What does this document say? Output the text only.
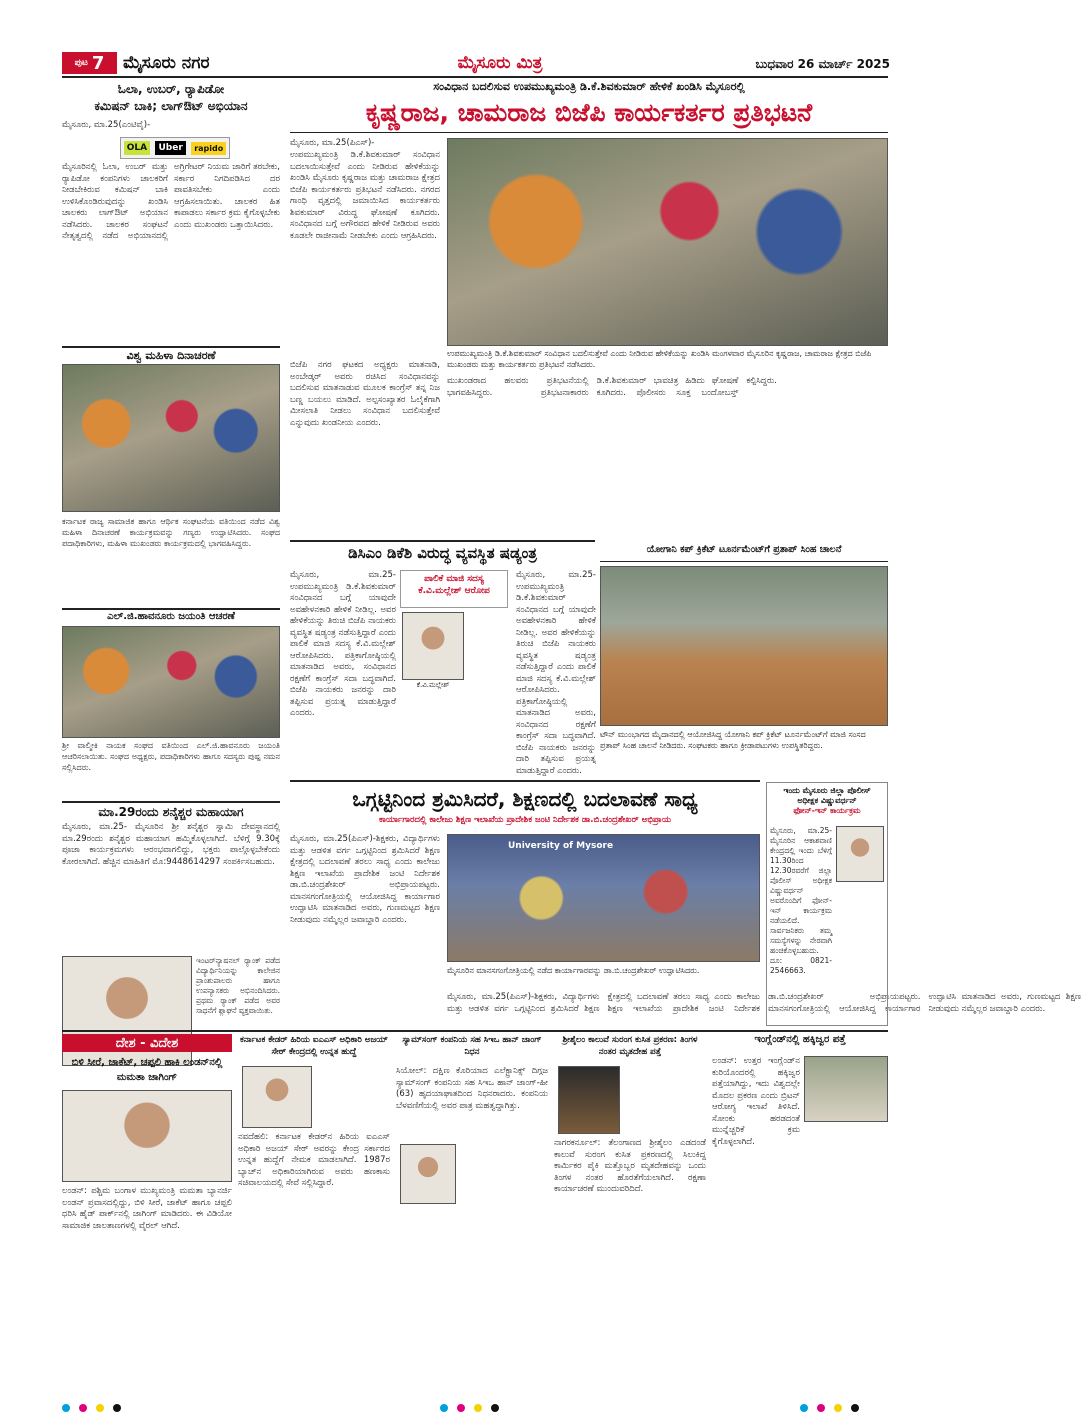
ಪುಟ 7 ಮೈಸೂರು ನಗರ	ಮೈಸೂರು ಮಿತ್ರ	ಬುಧವಾರ 26 ಮಾರ್ಚ್ 2025
ಓಲಾ, ಉಬರ್, ರ್‍ಯಾಪಿಡೋ
ಕಮಿಷನ್ ಬಾಕಿ; ಲಾಗ್‌ಔಟ್ ಅಭಿಯಾನ
ಮೈಸೂರು, ಮಾ.25(ಎಂಟಿವೈ)-
OLA	Uber	rapido
ಮೈಸೂರಿನಲ್ಲಿ ಓಲಾ, ಉಬರ್ ಮತ್ತು ರ್‍ಯಾಪಿಡೋ ಕಂಪನಿಗಳು ಚಾಲಕರಿಗೆ ನೀಡಬೇಕಿರುವ ಕಮಿಷನ್ ಬಾಕಿ ಉಳಿಸಿಕೊಂಡಿರುವುದನ್ನು ಖಂಡಿಸಿ ಚಾಲಕರು ಲಾಗ್‌ಔಟ್ ಅಭಿಯಾನ ನಡೆಸಿದರು. ಚಾಲಕರ ಸಂಘಟನೆ ನೇತೃತ್ವದಲ್ಲಿ ನಡೆದ ಅಭಿಯಾನದಲ್ಲಿ ಅಗ್ರಿಗೇಟರ್ ನಿಯಮ ಜಾರಿಗೆ ತರಬೇಕು, ಸರ್ಕಾರ ನಿಗದಿಪಡಿಸಿದ ದರ ಪಾವತಿಸಬೇಕು ಎಂದು ಆಗ್ರಹಿಸಲಾಯಿತು. ಚಾಲಕರ ಹಿತ ಕಾಪಾಡಲು ಸರ್ಕಾರ ಕ್ರಮ ಕೈಗೊಳ್ಳಬೇಕು ಎಂದು ಮುಖಂಡರು ಒತ್ತಾಯಿಸಿದರು.
ವಿಶ್ವ ಮಹಿಳಾ ದಿನಾಚರಣೆ
ಕರ್ನಾಟಕ ರಾಜ್ಯ ಸಾಮಾಜಿಕ ಹಾಗೂ ಆರ್ಥಿಕ ಸಂಘಟನೆಯ ವತಿಯಿಂದ ನಡೆದ ವಿಶ್ವ ಮಹಿಳಾ ದಿನಾಚರಣೆ ಕಾರ್ಯಕ್ರಮವನ್ನು ಗಣ್ಯರು ಉದ್ಘಾಟಿಸಿದರು. ಸಂಘದ ಪದಾಧಿಕಾರಿಗಳು, ಮಹಿಳಾ ಮುಖಂಡರು ಕಾರ್ಯಕ್ರಮದಲ್ಲಿ ಭಾಗವಹಿಸಿದ್ದರು.
ಎಲ್.ಜಿ.ಹಾವನೂರು ಜಯಂತಿ ಆಚರಣೆ
ಶ್ರೀ ವಾಲ್ಮೀಕಿ ನಾಯಕ ಸಂಘದ ವತಿಯಿಂದ ಎಲ್.ಜಿ.ಹಾವನೂರು ಜಯಂತಿ ಆಚರಿಸಲಾಯಿತು. ಸಂಘದ ಅಧ್ಯಕ್ಷರು, ಪದಾಧಿಕಾರಿಗಳು ಹಾಗೂ ಸದಸ್ಯರು ಪುಷ್ಪ ನಮನ ಸಲ್ಲಿಸಿದರು.
ಮಾ.29ರಂದು ಶನೈಶ್ಚರ ಮಹಾಯಾಗ
ಮೈಸೂರು, ಮಾ.25- ಮೈಸೂರಿನ ಶ್ರೀ ಶನೈಶ್ಚರ ಸ್ವಾಮಿ ದೇವಸ್ಥಾನದಲ್ಲಿ ಮಾ.29ರಂದು ಶನೈಶ್ಚರ ಮಹಾಯಾಗ ಹಮ್ಮಿಕೊಳ್ಳಲಾಗಿದೆ. ಬೆಳಿಗ್ಗೆ 9.30ಕ್ಕೆ ಪೂಜಾ ಕಾರ್ಯಕ್ರಮಗಳು ಆರಂಭವಾಗಲಿದ್ದು, ಭಕ್ತರು ಪಾಲ್ಗೊಳ್ಳಬೇಕೆಂದು ಕೋರಲಾಗಿದೆ. ಹೆಚ್ಚಿನ ಮಾಹಿತಿಗೆ ಮೊ:9448614297 ಸಂಪರ್ಕಿಸಬಹುದು.
ಇಂಟರ್‌ನ್ಯಾಷನಲ್ ರ್‍ಯಾಂಕ್ ಪಡೆದ ವಿದ್ಯಾರ್ಥಿನಿಯನ್ನು ಕಾಲೇಜಿನ ಪ್ರಾಂಶುಪಾಲರು ಹಾಗೂ ಉಪನ್ಯಾಸಕರು ಅಭಿನಂದಿಸಿದರು. ಪ್ರಥಮ ರ್‍ಯಾಂಕ್ ಪಡೆದ ಅವರ ಸಾಧನೆಗೆ ಶ್ಲಾಘನೆ ವ್ಯಕ್ತವಾಯಿತು.
ಸಂವಿಧಾನ ಬದಲಿಸುವ ಉಪಮುಖ್ಯಮಂತ್ರಿ ಡಿ.ಕೆ.ಶಿವಕುಮಾರ್ ಹೇಳಿಕೆ ಖಂಡಿಸಿ ಮೈಸೂರಲ್ಲಿ
ಕೃಷ್ಣರಾಜ, ಚಾಮರಾಜ ಬಿಜೆಪಿ ಕಾರ್ಯಕರ್ತರ ಪ್ರತಿಭಟನೆ
ಮೈಸೂರು, ಮಾ.25(ಪಿಎಸ್)-
ಉಪಮುಖ್ಯಮಂತ್ರಿ ಡಿ.ಕೆ.ಶಿವಕುಮಾರ್ ಸಂವಿಧಾನ ಬದಲಾಯಿಸುತ್ತೇವೆ ಎಂದು ನೀಡಿರುವ ಹೇಳಿಕೆಯನ್ನು ಖಂಡಿಸಿ ಮೈಸೂರು ಕೃಷ್ಣರಾಜ ಮತ್ತು ಚಾಮರಾಜ ಕ್ಷೇತ್ರದ ಬಿಜೆಪಿ ಕಾರ್ಯಕರ್ತರು ಪ್ರತಿಭಟನೆ ನಡೆಸಿದರು. ನಗರದ ಗಾಂಧಿ ವೃತ್ತದಲ್ಲಿ ಜಮಾಯಿಸಿದ ಕಾರ್ಯಕರ್ತರು ಶಿವಕುಮಾರ್ ವಿರುದ್ಧ ಘೋಷಣೆ ಕೂಗಿದರು. ಸಂವಿಧಾನದ ಬಗ್ಗೆ ಅಗೌರವದ ಹೇಳಿಕೆ ನೀಡಿರುವ ಅವರು ಕೂಡಲೇ ರಾಜೀನಾಮೆ ನೀಡಬೇಕು ಎಂದು ಆಗ್ರಹಿಸಿದರು.
ಉಪಮುಖ್ಯಮಂತ್ರಿ ಡಿ.ಕೆ.ಶಿವಕುಮಾರ್ ಸಂವಿಧಾನ ಬದಲಿಸುತ್ತೇವೆ ಎಂದು ನೀಡಿರುವ ಹೇಳಿಕೆಯನ್ನು ಖಂಡಿಸಿ ಮಂಗಳವಾರ ಮೈಸೂರಿನ ಕೃಷ್ಣರಾಜ, ಚಾಮರಾಜ ಕ್ಷೇತ್ರದ ಬಿಜೆಪಿ ಮುಖಂಡರು ಮತ್ತು ಕಾರ್ಯಕರ್ತರು ಪ್ರತಿಭಟನೆ ನಡೆಸಿದರು.
ಬಿಜೆಪಿ ನಗರ ಘಟಕದ ಅಧ್ಯಕ್ಷರು ಮಾತನಾಡಿ, ಅಂಬೇಡ್ಕರ್ ಅವರು ರಚಿಸಿದ ಸಂವಿಧಾನವನ್ನು ಬದಲಿಸುವ ಮಾತನಾಡುವ ಮೂಲಕ ಕಾಂಗ್ರೆಸ್ ತನ್ನ ನಿಜ ಬಣ್ಣ ಬಯಲು ಮಾಡಿದೆ. ಅಲ್ಪಸಂಖ್ಯಾತರ ಓಲೈಕೆಗಾಗಿ ಮೀಸಲಾತಿ ನೀಡಲು ಸಂವಿಧಾನ ಬದಲಿಸುತ್ತೇವೆ ಎನ್ನುವುದು ಖಂಡನೀಯ ಎಂದರು.
ಮುಖಂಡರಾದ ಹಲವರು ಪ್ರತಿಭಟನೆಯಲ್ಲಿ ಭಾಗವಹಿಸಿದ್ದರು. ಪ್ರತಿಭಟನಾಕಾರರು ಡಿ.ಕೆ.ಶಿವಕುಮಾರ್ ಭಾವಚಿತ್ರ ಹಿಡಿದು ಘೋಷಣೆ ಕೂಗಿದರು. ಪೊಲೀಸರು ಸೂಕ್ತ ಬಂದೋಬಸ್ತ್ ಕಲ್ಪಿಸಿದ್ದರು.
ಡಿಸಿಎಂ ಡಿಕೆಶಿ ವಿರುದ್ಧ ವ್ಯವಸ್ಥಿತ ಷಡ್ಯಂತ್ರ
ಪಾಲಿಕೆ ಮಾಜಿ ಸದಸ್ಯ
ಕೆ.ವಿ.ಮಲ್ಲೇಶ್ ಆರೋಪ
ಕೆ.ವಿ.ಮಲ್ಲೇಶ್
ಮೈಸೂರು, ಮಾ.25-ಉಪಮುಖ್ಯಮಂತ್ರಿ ಡಿ.ಕೆ.ಶಿವಕುಮಾರ್ ಸಂವಿಧಾನದ ಬಗ್ಗೆ ಯಾವುದೇ ಅವಹೇಳನಕಾರಿ ಹೇಳಿಕೆ ನೀಡಿಲ್ಲ. ಅವರ ಹೇಳಿಕೆಯನ್ನು ತಿರುಚಿ ಬಿಜೆಪಿ ನಾಯಕರು ವ್ಯವಸ್ಥಿತ ಷಡ್ಯಂತ್ರ ನಡೆಸುತ್ತಿದ್ದಾರೆ ಎಂದು ಪಾಲಿಕೆ ಮಾಜಿ ಸದಸ್ಯ ಕೆ.ವಿ.ಮಲ್ಲೇಶ್ ಆರೋಪಿಸಿದರು. ಪತ್ರಿಕಾಗೋಷ್ಠಿಯಲ್ಲಿ ಮಾತನಾಡಿದ ಅವರು, ಸಂವಿಧಾನದ ರಕ್ಷಣೆಗೆ ಕಾಂಗ್ರೆಸ್ ಸದಾ ಬದ್ಧವಾಗಿದೆ. ಬಿಜೆಪಿ ನಾಯಕರು ಜನರನ್ನು ದಾರಿ ತಪ್ಪಿಸುವ ಪ್ರಯತ್ನ ಮಾಡುತ್ತಿದ್ದಾರೆ ಎಂದರು.
ಮೈಸೂರು, ಮಾ.25-ಉಪಮುಖ್ಯಮಂತ್ರಿ ಡಿ.ಕೆ.ಶಿವಕುಮಾರ್ ಸಂವಿಧಾನದ ಬಗ್ಗೆ ಯಾವುದೇ ಅವಹೇಳನಕಾರಿ ಹೇಳಿಕೆ ನೀಡಿಲ್ಲ. ಅವರ ಹೇಳಿಕೆಯನ್ನು ತಿರುಚಿ ಬಿಜೆಪಿ ನಾಯಕರು ವ್ಯವಸ್ಥಿತ ಷಡ್ಯಂತ್ರ ನಡೆಸುತ್ತಿದ್ದಾರೆ ಎಂದು ಪಾಲಿಕೆ ಮಾಜಿ ಸದಸ್ಯ ಕೆ.ವಿ.ಮಲ್ಲೇಶ್ ಆರೋಪಿಸಿದರು. ಪತ್ರಿಕಾಗೋಷ್ಠಿಯಲ್ಲಿ ಮಾತನಾಡಿದ ಅವರು, ಸಂವಿಧಾನದ ರಕ್ಷಣೆಗೆ ಕಾಂಗ್ರೆಸ್ ಸದಾ ಬದ್ಧವಾಗಿದೆ. ಬಿಜೆಪಿ ನಾಯಕರು ಜನರನ್ನು ದಾರಿ ತಪ್ಪಿಸುವ ಪ್ರಯತ್ನ ಮಾಡುತ್ತಿದ್ದಾರೆ ಎಂದರು.
ಯೋಗಾನಿ ಕಪ್ ಕ್ರಿಕೆಟ್ ಟೂರ್ನಮೆಂಟ್‌ಗೆ ಪ್ರತಾಪ್ ಸಿಂಹ ಚಾಲನೆ
ಟೌನ್ ಮುಂಭಾಗದ ಮೈದಾನದಲ್ಲಿ ಆಯೋಜಿಸಿದ್ದ ಯೋಗಾನಿ ಕಪ್ ಕ್ರಿಕೆಟ್ ಟೂರ್ನಮೆಂಟ್‌ಗೆ ಮಾಜಿ ಸಂಸದ ಪ್ರತಾಪ್ ಸಿಂಹ ಚಾಲನೆ ನೀಡಿದರು. ಸಂಘಟಕರು ಹಾಗೂ ಕ್ರೀಡಾಪಟುಗಳು ಉಪಸ್ಥಿತರಿದ್ದರು.
ಒಗ್ಗಟ್ಟಿನಿಂದ ಶ್ರಮಿಸಿದರೆ, ಶಿಕ್ಷಣದಲ್ಲಿ ಬದಲಾವಣೆ ಸಾಧ್ಯ
ಕಾರ್ಯಾಗಾರದಲ್ಲಿ ಕಾಲೇಜು ಶಿಕ್ಷಣ ಇಲಾಖೆಯ ಪ್ರಾದೇಶಿಕ ಜಂಟಿ ನಿರ್ದೇಶಕ ಡಾ.ಬಿ.ಚಂದ್ರಶೇಖರ್ ಅಭಿಪ್ರಾಯ
ಮೈಸೂರು, ಮಾ.25(ಪಿಎಸ್)-ಶಿಕ್ಷಕರು, ವಿದ್ಯಾರ್ಥಿಗಳು ಮತ್ತು ಆಡಳಿತ ವರ್ಗ ಒಗ್ಗಟ್ಟಿನಿಂದ ಶ್ರಮಿಸಿದರೆ ಶಿಕ್ಷಣ ಕ್ಷೇತ್ರದಲ್ಲಿ ಬದಲಾವಣೆ ತರಲು ಸಾಧ್ಯ ಎಂದು ಕಾಲೇಜು ಶಿಕ್ಷಣ ಇಲಾಖೆಯ ಪ್ರಾದೇಶಿಕ ಜಂಟಿ ನಿರ್ದೇಶಕ ಡಾ.ಬಿ.ಚಂದ್ರಶೇಖರ್ ಅಭಿಪ್ರಾಯಪಟ್ಟರು. ಮಾನಸಗಂಗೋತ್ರಿಯಲ್ಲಿ ಆಯೋಜಿಸಿದ್ದ ಕಾರ್ಯಾಗಾರ ಉದ್ಘಾಟಿಸಿ ಮಾತನಾಡಿದ ಅವರು, ಗುಣಮಟ್ಟದ ಶಿಕ್ಷಣ ನೀಡುವುದು ನಮ್ಮೆಲ್ಲರ ಜವಾಬ್ದಾರಿ ಎಂದರು.
University of Mysore
ಮೈಸೂರಿನ ಮಾನಸಗಂಗೋತ್ರಿಯಲ್ಲಿ ನಡೆದ ಕಾರ್ಯಾಗಾರವನ್ನು ಡಾ.ಬಿ.ಚಂದ್ರಶೇಖರ್ ಉದ್ಘಾಟಿಸಿದರು.
ಮೈಸೂರು, ಮಾ.25(ಪಿಎಸ್)-ಶಿಕ್ಷಕರು, ವಿದ್ಯಾರ್ಥಿಗಳು ಮತ್ತು ಆಡಳಿತ ವರ್ಗ ಒಗ್ಗಟ್ಟಿನಿಂದ ಶ್ರಮಿಸಿದರೆ ಶಿಕ್ಷಣ ಕ್ಷೇತ್ರದಲ್ಲಿ ಬದಲಾವಣೆ ತರಲು ಸಾಧ್ಯ ಎಂದು ಕಾಲೇಜು ಶಿಕ್ಷಣ ಇಲಾಖೆಯ ಪ್ರಾದೇಶಿಕ ಜಂಟಿ ನಿರ್ದೇಶಕ ಡಾ.ಬಿ.ಚಂದ್ರಶೇಖರ್ ಅಭಿಪ್ರಾಯಪಟ್ಟರು. ಮಾನಸಗಂಗೋತ್ರಿಯಲ್ಲಿ ಆಯೋಜಿಸಿದ್ದ ಕಾರ್ಯಾಗಾರ ಉದ್ಘಾಟಿಸಿ ಮಾತನಾಡಿದ ಅವರು, ಗುಣಮಟ್ಟದ ಶಿಕ್ಷಣ ನೀಡುವುದು ನಮ್ಮೆಲ್ಲರ ಜವಾಬ್ದಾರಿ ಎಂದರು.
ಇಂದು ಮೈಸೂರು ಜಿಲ್ಲಾ ಪೊಲೀಸ್
ಅಧೀಕ್ಷಕ ವಿಷ್ಣುವರ್ಧನ್
ಫೋನ್-ಇನ್ ಕಾರ್ಯಕ್ರಮ
ಮೈಸೂರು, ಮಾ.25- ಮೈಸೂರಿನ ಆಕಾಶವಾಣಿ ಕೇಂದ್ರದಲ್ಲಿ ಇಂದು ಬೆಳಿಗ್ಗೆ 11.30ರಿಂದ 12.30ರವರೆಗೆ ಜಿಲ್ಲಾ ಪೊಲೀಸ್ ಅಧೀಕ್ಷಕ ವಿಷ್ಣುವರ್ಧನ್ ಅವರೊಂದಿಗೆ ಫೋನ್-ಇನ್ ಕಾರ್ಯಕ್ರಮ ನಡೆಯಲಿದೆ. ಸಾರ್ವಜನಿಕರು ತಮ್ಮ ಸಮಸ್ಯೆಗಳನ್ನು ನೇರವಾಗಿ ಹಂಚಿಕೊಳ್ಳಬಹುದು. ದೂ: 0821-2546663.
ದೇಶ - ವಿದೇಶ
ಬಿಳಿ ಸೀರೆ, ಜಾಕೆಟ್, ಚಪ್ಪಲಿ ಹಾಕಿ ಲಂಡನ್‌ನಲ್ಲಿ ಮಮತಾ ಜಾಗಿಂಗ್
ಲಂಡನ್: ಪಶ್ಚಿಮ ಬಂಗಾಳ ಮುಖ್ಯಮಂತ್ರಿ ಮಮತಾ ಬ್ಯಾನರ್ಜಿ ಲಂಡನ್ ಪ್ರವಾಸದಲ್ಲಿದ್ದು, ಬಿಳಿ ಸೀರೆ, ಜಾಕೆಟ್ ಹಾಗೂ ಚಪ್ಪಲಿ ಧರಿಸಿ ಹೈಡ್ ಪಾರ್ಕ್‌ನಲ್ಲಿ ಜಾಗಿಂಗ್ ಮಾಡಿದರು. ಈ ವಿಡಿಯೋ ಸಾಮಾಜಿಕ ಜಾಲತಾಣಗಳಲ್ಲಿ ವೈರಲ್ ಆಗಿದೆ.
ಕರ್ನಾಟಕ ಕೇಡರ್ ಹಿರಿಯ ಐಎಎಸ್ ಅಧಿಕಾರಿ ಅಜಯ್ ಸೇಠ್ ಕೇಂದ್ರದಲ್ಲಿ ಉನ್ನತ ಹುದ್ದೆ
ನವದೆಹಲಿ: ಕರ್ನಾಟಕ ಕೇಡರ್‌ನ ಹಿರಿಯ ಐಎಎಸ್ ಅಧಿಕಾರಿ ಅಜಯ್ ಸೇಠ್ ಅವರನ್ನು ಕೇಂದ್ರ ಸರ್ಕಾರದ ಉನ್ನತ ಹುದ್ದೆಗೆ ನೇಮಕ ಮಾಡಲಾಗಿದೆ. 1987ರ ಬ್ಯಾಚ್‌ನ ಅಧಿಕಾರಿಯಾಗಿರುವ ಅವರು ಹಣಕಾಸು ಸಚಿವಾಲಯದಲ್ಲಿ ಸೇವೆ ಸಲ್ಲಿಸಿದ್ದಾರೆ.
ಸ್ಯಾಮ್‌ಸಂಗ್ ಕಂಪನಿಯ ಸಹ ಸಿಇಒ ಹಾನ್ ಜಾಂಗ್ ನಿಧನ
ಸಿಯೋಲ್: ದಕ್ಷಿಣ ಕೊರಿಯಾದ ಎಲೆಕ್ಟ್ರಾನಿಕ್ಸ್ ದಿಗ್ಗಜ ಸ್ಯಾಮ್‌ಸಂಗ್ ಕಂಪನಿಯ ಸಹ ಸಿಇಒ ಹಾನ್ ಜಾಂಗ್-ಹೀ (63) ಹೃದಯಾಘಾತದಿಂದ ನಿಧನರಾದರು. ಕಂಪನಿಯ ಬೆಳವಣಿಗೆಯಲ್ಲಿ ಅವರ ಪಾತ್ರ ಮಹತ್ವದ್ದಾಗಿತ್ತು.
ಶ್ರೀಶೈಲಂ ಕಾಲುವೆ ಸುರಂಗ ಕುಸಿತ ಪ್ರಕರಣ: ತಿಂಗಳ ನಂತರ ಮೃತದೇಹ ಪತ್ತೆ
ನಾಗರಕರ್ನೂಲ್: ತೆಲಂಗಾಣದ ಶ್ರೀಶೈಲಂ ಎಡದಂಡೆ ಕಾಲುವೆ ಸುರಂಗ ಕುಸಿತ ಪ್ರಕರಣದಲ್ಲಿ ಸಿಲುಕಿದ್ದ ಕಾರ್ಮಿಕರ ಪೈಕಿ ಮತ್ತೊಬ್ಬರ ಮೃತದೇಹವನ್ನು ಒಂದು ತಿಂಗಳ ನಂತರ ಹೊರತೆಗೆಯಲಾಗಿದೆ. ರಕ್ಷಣಾ ಕಾರ್ಯಾಚರಣೆ ಮುಂದುವರಿದಿದೆ.
ಇಂಗ್ಲೆಂಡ್‌ನಲ್ಲಿ ಹಕ್ಕಿಜ್ವರ ಪತ್ತೆ
ಲಂಡನ್: ಉತ್ತರ ಇಂಗ್ಲೆಂಡ್‌ನ ಕುರಿಯೊಂದರಲ್ಲಿ ಹಕ್ಕಿಜ್ವರ ಪತ್ತೆಯಾಗಿದ್ದು, ಇದು ವಿಶ್ವದಲ್ಲೇ ಮೊದಲ ಪ್ರಕರಣ ಎಂದು ಬ್ರಿಟನ್ ಆರೋಗ್ಯ ಇಲಾಖೆ ತಿಳಿಸಿದೆ. ಸೋಂಕು ಹರಡದಂತೆ ಮುನ್ನೆಚ್ಚರಿಕೆ ಕ್ರಮ ಕೈಗೊಳ್ಳಲಾಗಿದೆ.
